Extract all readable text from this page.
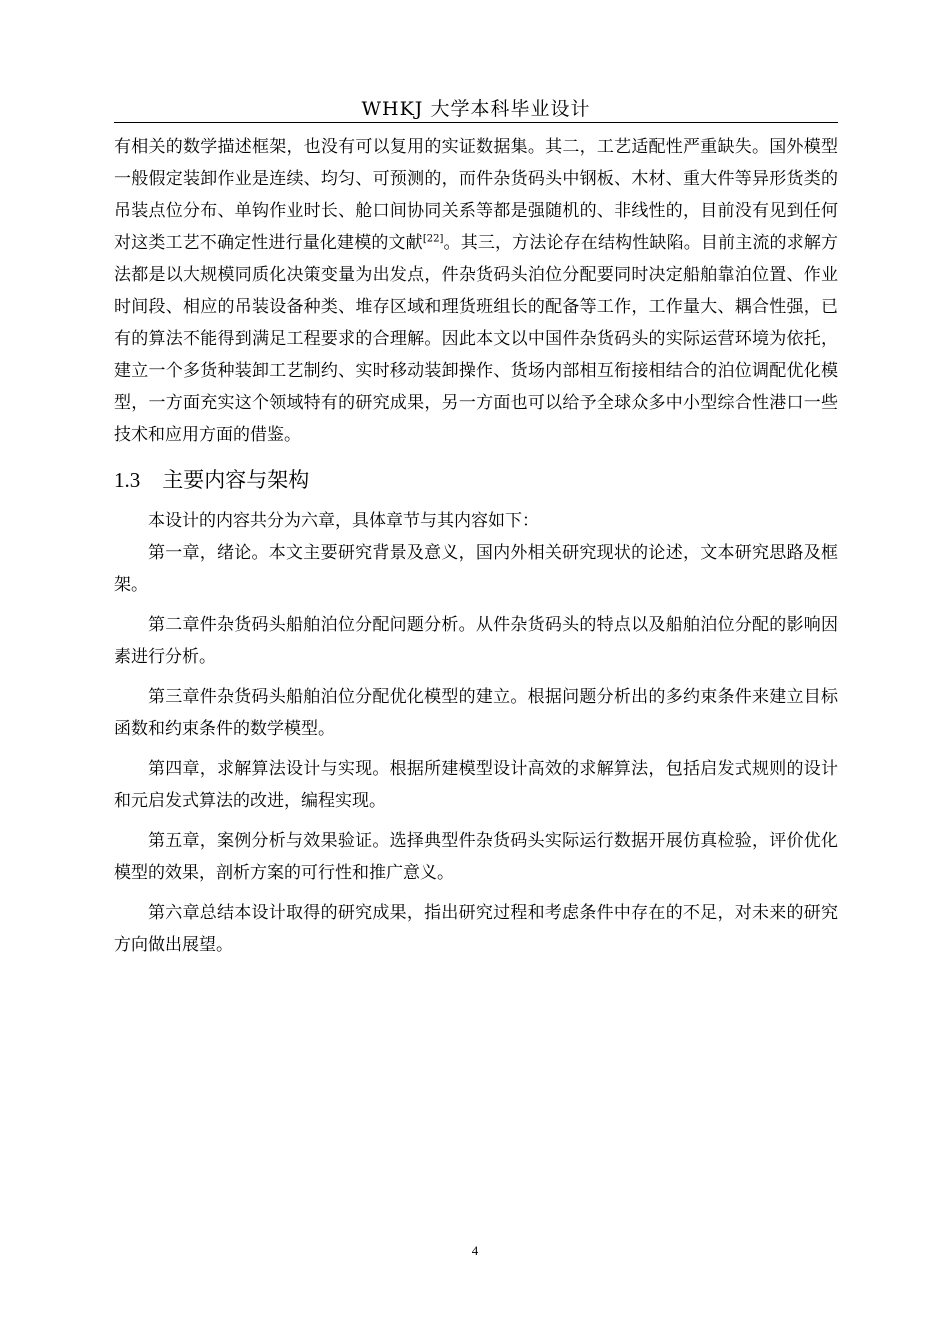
WHKJ 大学本科毕业设计

有相关的数学描述框架，也没有可以复用的实证数据集。其二，工艺适配性严重缺失。国外模型一般假定装卸作业是连续、均匀、可预测的，而件杂货码头中钢板、木材、重大件等异形货类的吊装点位分布、单钩作业时长、舱口间协同关系等都是强随机的、非线性的，目前没有见到任何对这类工艺不确定性进行量化建模的文献[22]。其三，方法论存在结构性缺陷。目前主流的求解方法都是以大规模同质化决策变量为出发点，件杂货码头泊位分配要同时决定船舶靠泊位置、作业时间段、相应的吊装设备种类、堆存区域和理货班组长的配备等工作，工作量大、耦合性强，已有的算法不能得到满足工程要求的合理解。因此本文以中国件杂货码头的实际运营环境为依托，建立一个多货种装卸工艺制约、实时移动装卸操作、货场内部相互衔接相结合的泊位调配优化模型，一方面充实这个领域特有的研究成果，另一方面也可以给予全球众多中小型综合性港口一些技术和应用方面的借鉴。

1.3 主要内容与架构

本设计的内容共分为六章，具体章节与其内容如下：

第一章，绪论。本文主要研究背景及意义，国内外相关研究现状的论述，文本研究思路及框架。

第二章件杂货码头船舶泊位分配问题分析。从件杂货码头的特点以及船舶泊位分配的影响因素进行分析。

第三章件杂货码头船舶泊位分配优化模型的建立。根据问题分析出的多约束条件来建立目标函数和约束条件的数学模型。

第四章，求解算法设计与实现。根据所建模型设计高效的求解算法，包括启发式规则的设计和元启发式算法的改进，编程实现。

第五章，案例分析与效果验证。选择典型件杂货码头实际运行数据开展仿真检验，评价优化模型的效果，剖析方案的可行性和推广意义。

第六章总结本设计取得的研究成果，指出研究过程和考虑条件中存在的不足，对未来的研究方向做出展望。

4
